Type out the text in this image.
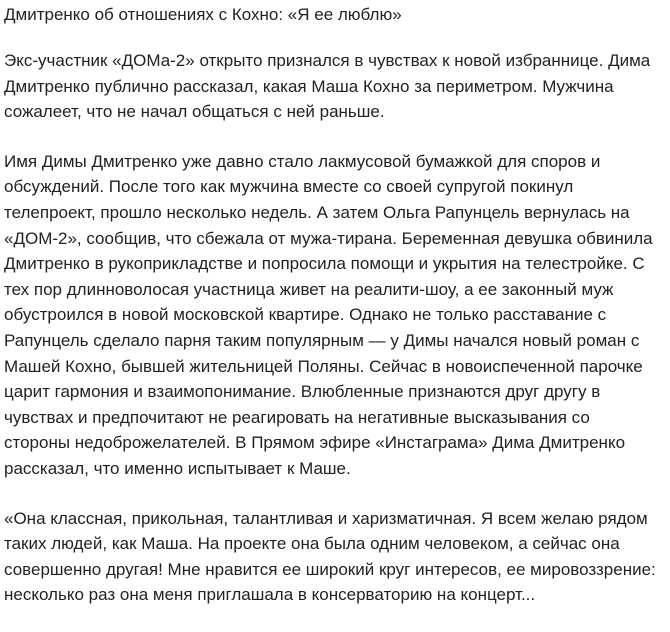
Дмитренко об отношениях с Кохно: «Я ее люблю»

Экс-участник «ДОМа-2» открыто признался в чувствах к новой избраннице. Дима
Дмитренко публично рассказал, какая Маша Кохно за периметром. Мужчина
сожалеет, что не начал общаться с ней раньше.

Имя Димы Дмитренко уже давно стало лакмусовой бумажкой для споров и
обсуждений. После того как мужчина вместе со своей супругой покинул
телепроект, прошло несколько недель. А затем Ольга Рапунцель вернулась на
«ДОМ-2», сообщив, что сбежала от мужа-тирана. Беременная девушка обвинила
Дмитренко в рукоприкладстве и попросила помощи и укрытия на телестройке. С
тех пор длинноволосая участница живет на реалити-шоу, а ее законный муж
обустроился в новой московской квартире. Однако не только расставание с
Рапунцель сделало парня таким популярным — у Димы начался новый роман с
Машей Кохно, бывшей жительницей Поляны. Сейчас в новоиспеченной парочке
царит гармония и взаимопонимание. Влюбленные признаются друг другу в
чувствах и предпочитают не реагировать на негативные высказывания со
стороны недоброжелателей. В Прямом эфире «Инстаграма» Дима Дмитренко
рассказал, что именно испытывает к Маше.

«Она классная, прикольная, талантливая и харизматичная. Я всем желаю рядом
таких людей, как Маша. На проекте она была одним человеком, а сейчас она
совершенно другая! Мне нравится ее широкий круг интересов, ее мировоззрение:
несколько раз она меня приглашала в консерваторию на концерт...
